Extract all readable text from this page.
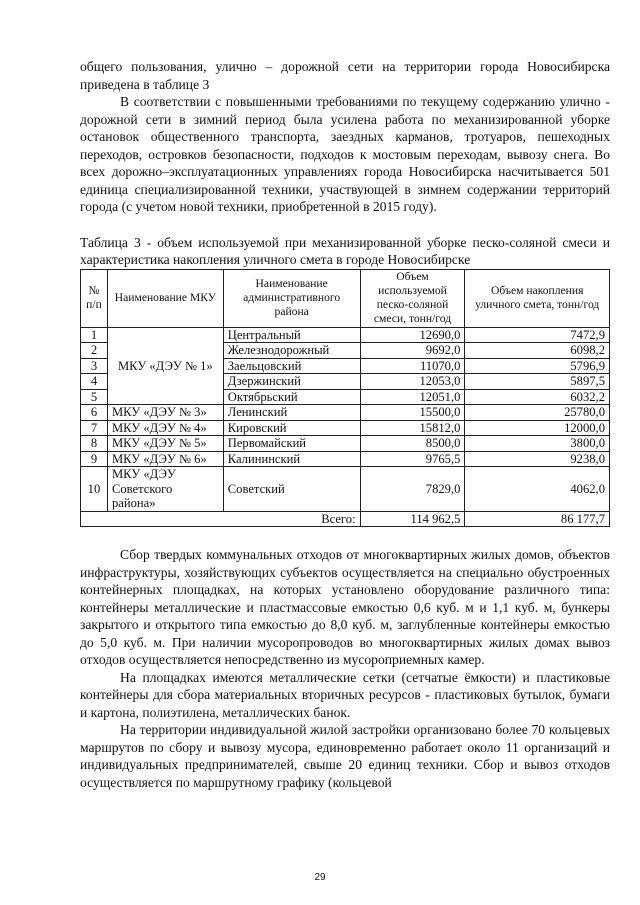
общего пользования, улично – дорожной сети на территории города Новосибирска приведена в таблице 3

В соответствии с повышенными требованиями по текущему содержанию улично - дорожной сети в зимний период была усилена работа по механизированной уборке остановок общественного транспорта, заездных карманов, тротуаров, пешеходных переходов, островков безопасности, подходов к мостовым переходам, вывозу снега. Во всех дорожно–эксплуатационных управлениях города Новосибирска насчитывается 501 единица специализированной техники, участвующей в зимнем содержании территорий города (с учетом новой техники, приобретенной в 2015 году).

Таблица 3 - объем используемой при механизированной уборке песко-соляной смеси и характеристика накопления уличного смета в городе Новосибирске

№ п/п	Наименование МКУ	Наименование административного района	Объем используемой песко-соляной смеси, тонн/год	Объем накопления уличного смета, тонн/год
1	МКУ «ДЭУ № 1»	Центральный	12690,0	7472,9
2		Железнодорожный	9692,0	6098,2
3		Заельцовский	11070,0	5796,9
4		Дзержинский	12053,0	5897,5
5		Октябрьский	12051,0	6032,2
6	МКУ «ДЭУ № 3»	Ленинский	15500,0	25780,0
7	МКУ «ДЭУ № 4»	Кировский	15812,0	12000,0
8	МКУ «ДЭУ № 5»	Первомайский	8500,0	3800,0
9	МКУ «ДЭУ № 6»	Калининский	9765,5	9238,0
10	МКУ «ДЭУ Советского района»	Советский	7829,0	4062,0
Всего:			114 962,5	86 177,7

Сбор твердых коммунальных отходов от многоквартирных жилых домов, объектов инфраструктуры, хозяйствующих субъектов осуществляется на специально обустроенных контейнерных площадках, на которых установлено оборудование различного типа: контейнеры металлические и пластмассовые емкостью 0,6 куб. м и 1,1 куб. м, бункеры закрытого и открытого типа емкостью до 8,0 куб. м, заглубленные контейнеры емкостью до 5,0 куб. м. При наличии мусоропроводов во многоквартирных жилых домах вывоз отходов осуществляется непосредственно из мусороприемных камер.

На площадках имеются металлические сетки (сетчатые ёмкости) и пластиковые контейнеры для сбора материальных вторичных ресурсов - пластиковых бутылок, бумаги и картона, полиэтилена, металлических банок.

На территории индивидуальной жилой застройки организовано более 70 кольцевых маршрутов по сбору и вывозу мусора, единовременно работает около 11 организаций и индивидуальных предпринимателей, свыше 20 единиц техники. Сбор и вывоз отходов осуществляется по маршрутному графику (кольцевой

29
